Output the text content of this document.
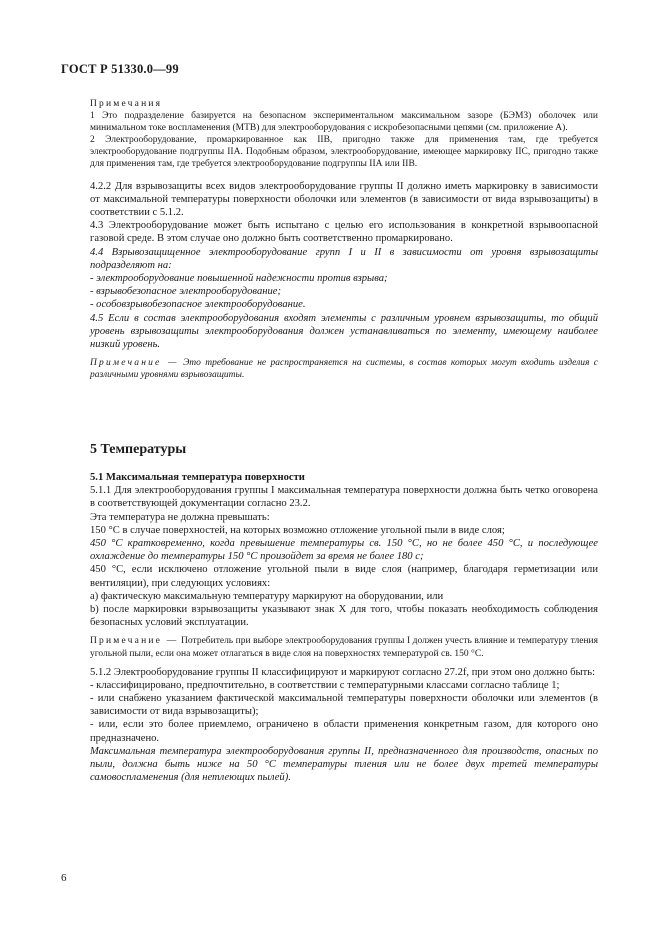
ГОСТ Р 51330.0—99

Примечания

1 Это подразделение базируется на безопасном экспериментальном максимальном зазоре (БЭМЗ) оболочек или минимальном токе воспламенения (МТВ) для электрооборудования с искробезопасными цепями (см. приложение А).

2 Электрооборудование, промаркированное как IIВ, пригодно также для применения там, где требуется электрооборудование подгруппы IIА. Подобным образом, электрооборудование, имеющее маркировку IIС, пригодно также для применения там, где требуется электрооборудование подгруппы IIА или IIВ.

4.2.2 Для взрывозащиты всех видов электрооборудование группы II должно иметь маркировку в зависимости от максимальной температуры поверхности оболочки или элементов (в зависимости от вида взрывозащиты) в соответствии с 5.1.2.

4.3 Электрооборудование может быть испытано с целью его использования в конкретной взрывоопасной газовой среде. В этом случае оно должно быть соответственно промаркировано.

4.4 Взрывозащищенное электрооборудование групп I и II в зависимости от уровня взрывозащиты подразделяют на:

- электрооборудование повышенной надежности против взрыва;

- взрывобезопасное электрооборудование;

- особовзрывобезопасное электрооборудование.

4.5 Если в состав электрооборудования входят элементы с различным уровнем взрывозащиты, то общий уровень взрывозащиты электрооборудования должен устанавливаться по элементу, имеющему наиболее низкий уровень.

Примечание — Это требование не распространяется на системы, в состав которых могут входить изделия с различными уровнями взрывозащиты.

5 Температуры

5.1 Максимальная температура поверхности

5.1.1 Для электрооборудования группы I максимальная температура поверхности должна быть четко оговорена в соответствующей документации согласно 23.2.

Эта температура не должна превышать:

150 °С в случае поверхностей, на которых возможно отложение угольной пыли в виде слоя;

450 °С кратковременно, когда превышение температуры св. 150 °С, но не более 450 °С, и последующее охлаждение до температуры 150 °С произойдет за время не более 180 с;

450 °С, если исключено отложение угольной пыли в виде слоя (например, благодаря герметизации или вентиляции), при следующих условиях:

а) фактическую максимальную температуру маркируют на оборудовании, или

b) после маркировки взрывозащиты указывают знак X для того, чтобы показать необходимость соблюдения безопасных условий эксплуатации.

Примечание — Потребитель при выборе электрооборудования группы I должен учесть влияние и температуру тления угольной пыли, если она может отлагаться в виде слоя на поверхностях температурой св. 150 °С.

5.1.2 Электрооборудование группы II классифицируют и маркируют согласно 27.2f, при этом оно должно быть:

- классифицировано, предпочтительно, в соответствии с температурными классами согласно таблице 1;

- или снабжено указанием фактической максимальной температуры поверхности оболочки или элементов (в зависимости от вида взрывозащиты);

- или, если это более приемлемо, ограничено в области применения конкретным газом, для которого оно предназначено.

Максимальная температура электрооборудования группы II, предназначенного для производств, опасных по пыли, должна быть ниже на 50 °С температуры тления или не более двух третей температуры самовоспламенения (для нетлеющих пылей).

6
